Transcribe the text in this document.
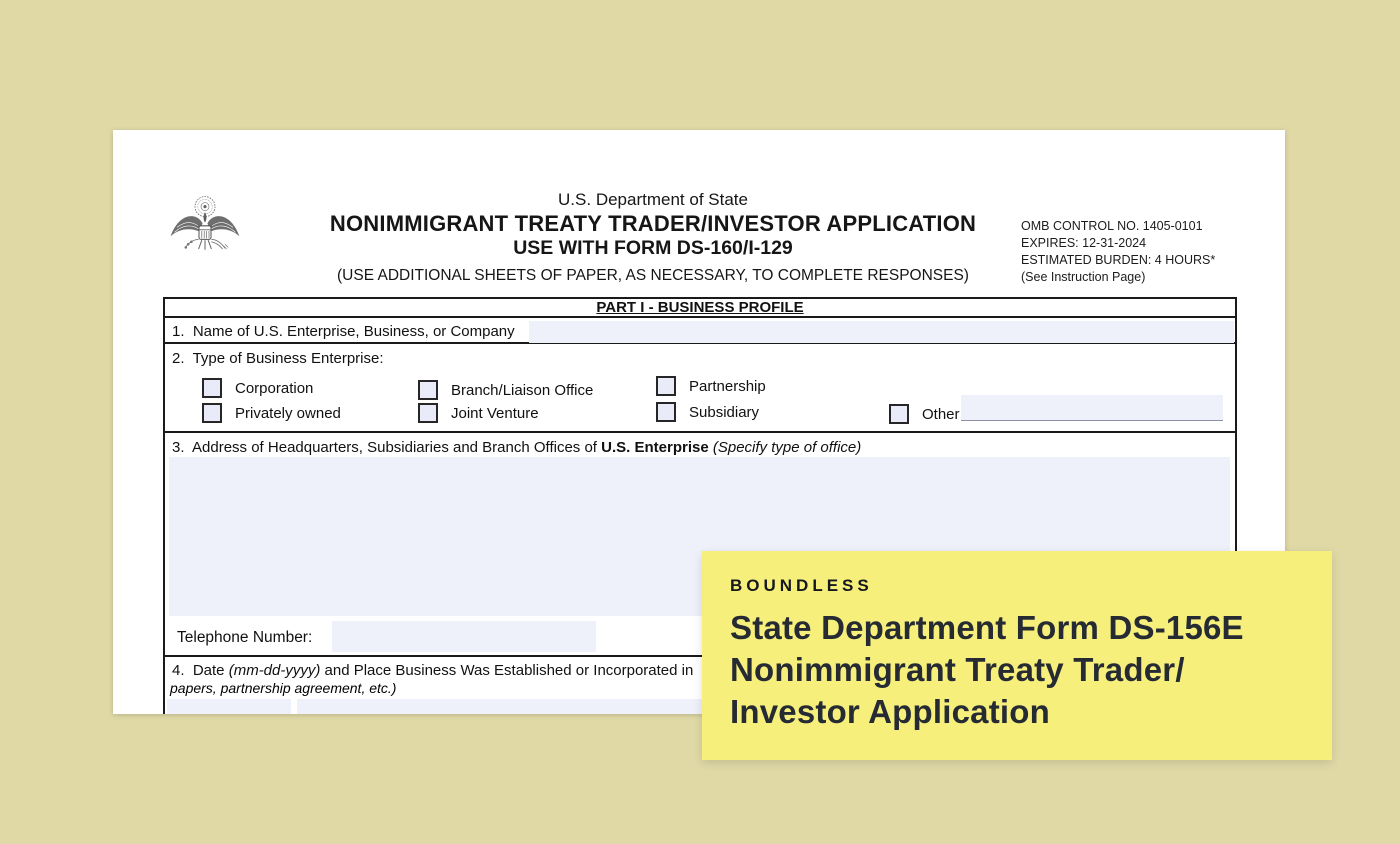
U.S. Department of State
NONIMMIGRANT TREATY TRADER/INVESTOR APPLICATION
USE WITH FORM DS-160/I-129
(USE ADDITIONAL SHEETS OF PAPER, AS NECESSARY, TO COMPLETE RESPONSES)
OMB CONTROL NO. 1405-0101
EXPIRES: 12-31-2024
ESTIMATED BURDEN: 4 HOURS*
(See Instruction Page)
PART I - BUSINESS PROFILE
1.  Name of U.S. Enterprise, Business, or Company
2.  Type of Business Enterprise:
Corporation	Branch/Liaison Office	Partnership
Privately owned	Joint Venture	Subsidiary	Other
3.  Address of Headquarters, Subsidiaries and Branch Offices of U.S. Enterprise (Specify type of office)
Telephone Number:
4.  Date (mm-dd-yyyy) and Place Business Was Established or Incorporated in
papers, partnership agreement, etc.)
BOUNDLESS
State Department Form DS-156E
Nonimmigrant Treaty Trader/
Investor Application
